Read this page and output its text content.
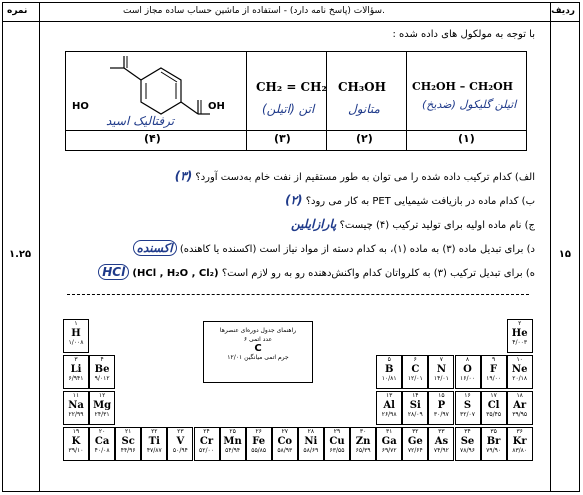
نمره	سؤالات (پاسخ نامه دارد) - استفاده از ماشین حساب ساده مجاز است.	ردیف
۱.۲۵	۱۵
با توجه به مولکول های داده شده :
HO	OH
ترفتالیک اسید
(۴)
CH₂ = CH₂
اتن (اتیلن)
(۳)
CH₃OH
متانول
(۲)
CH₂OH – CH₂OH
اتیلن گلیکول (ضدیخ)
(۱)
الف) کدام ترکیب داده شده را می توان به طور مستقیم از نفت خام به‌دست آورد؟ (۳)
ب) کدام ماده در بازیافت شیمیایی PET به کار می رود؟ (۲)
ج) نام ماده اولیه برای تولید ترکیب (۴) چیست؟ پارازایلین
د) برای تبدیل ماده (۳) به ماده (۱)، به کدام دسته از مواد نیاز است (اکسنده یا کاهنده) اکسنده
ه) برای تبدیل ترکیب (۳) به کلرواتان کدام واکنش‌دهنده رو به رو لازم است؟ (HCl , H₂O , Cl₂) HCl
راهنمای جدول دوره‌ای عنصرها
۶ عدد اتمی
C
۱۲/۰۱ جرم اتمی میانگین
۱
H
۱/۰۰۸
۲
He
۴/۰۰۳
۳
Li
۶/۹۴۱
۴
Be
۹/۰۱۲
۵
B
۱۰/۸۱
۶
C
۱۲/۰۱
۷
N
۱۴/۰۱
۸
O
۱۶/۰۰
۹
F
۱۹/۰۰
۱۰
Ne
۲۰/۱۸
۱۱
Na
۲۲/۹۹
۱۲
Mg
۲۴/۳۱
۱۳
Al
۲۶/۹۸
۱۴
Si
۲۸/۰۹
۱۵
P
۳۰/۹۷
۱۶
S
۳۲/۰۷
۱۷
Cl
۳۵/۴۵
۱۸
Ar
۳۹/۹۵
۱۹
K
۳۹/۱۰
۲۰
Ca
۴۰/۰۸
۲۱
Sc
۴۴/۹۶
۲۲
Ti
۴۷/۸۷
۲۳
V
۵۰/۹۴
۲۴
Cr
۵۲/۰۰
۲۵
Mn
۵۴/۹۴
۲۶
Fe
۵۵/۸۵
۲۷
Co
۵۸/۹۳
۲۸
Ni
۵۸/۶۹
۲۹
Cu
۶۳/۵۵
۳۰
Zn
۶۵/۳۹
۳۱
Ga
۶۹/۷۲
۳۲
Ge
۷۲/۶۴
۳۳
As
۷۴/۹۲
۳۴
Se
۷۸/۹۶
۳۵
Br
۷۹/۹۰
۳۶
Kr
۸۳/۸۰
